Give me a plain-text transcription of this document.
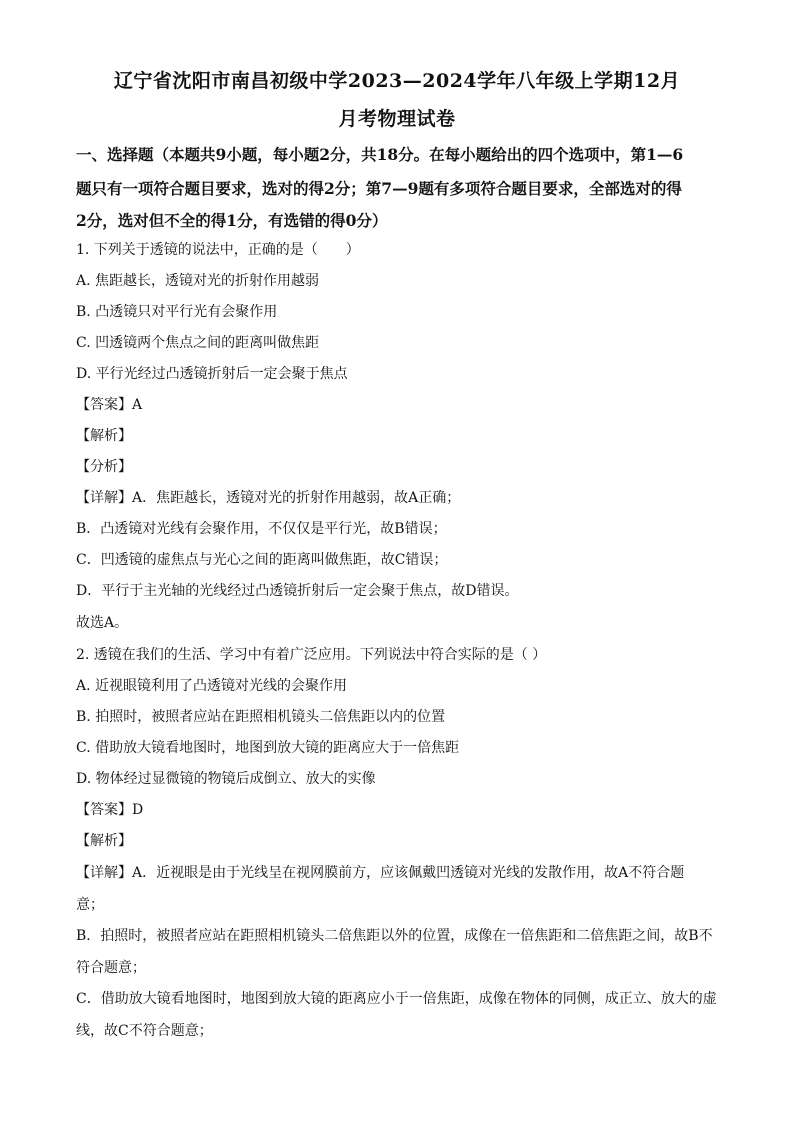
辽宁省沈阳市南昌初级中学2023—2024学年八年级上学期12月
月考物理试卷
一、选择题（本题共9小题，每小题2分，共18分。在每小题给出的四个选项中，第1—6
题只有一项符合题目要求，选对的得2分；第7—9题有多项符合题目要求，全部选对的得
2分，选对但不全的得1分，有选错的得0分）
1. 下列关于透镜的说法中，正确的是（　　）
A. 焦距越长，透镜对光的折射作用越弱
B. 凸透镜只对平行光有会聚作用
C. 凹透镜两个焦点之间的距离叫做焦距
D. 平行光经过凸透镜折射后一定会聚于焦点
【答案】A
【解析】
【分析】
【详解】A．焦距越长，透镜对光的折射作用越弱，故A正确；
B．凸透镜对光线有会聚作用，不仅仅是平行光，故B错误；
C．凹透镜的虚焦点与光心之间的距离叫做焦距，故C错误；
D．平行于主光轴的光线经过凸透镜折射后一定会聚于焦点，故D错误。
故选A。
2. 透镜在我们的生活、学习中有着广泛应用。下列说法中符合实际的是（ ）
A. 近视眼镜利用了凸透镜对光线的会聚作用
B. 拍照时，被照者应站在距照相机镜头二倍焦距以内的位置
C. 借助放大镜看地图时，地图到放大镜的距离应大于一倍焦距
D. 物体经过显微镜的物镜后成倒立、放大的实像
【答案】D
【解析】
【详解】A．近视眼是由于光线呈在视网膜前方，应该佩戴凹透镜对光线的发散作用，故A不符合题
意；
B．拍照时，被照者应站在距照相机镜头二倍焦距以外的位置，成像在一倍焦距和二倍焦距之间，故B不
符合题意；
C．借助放大镜看地图时，地图到放大镜的距离应小于一倍焦距，成像在物体的同侧，成正立、放大的虚
线，故C不符合题意；
